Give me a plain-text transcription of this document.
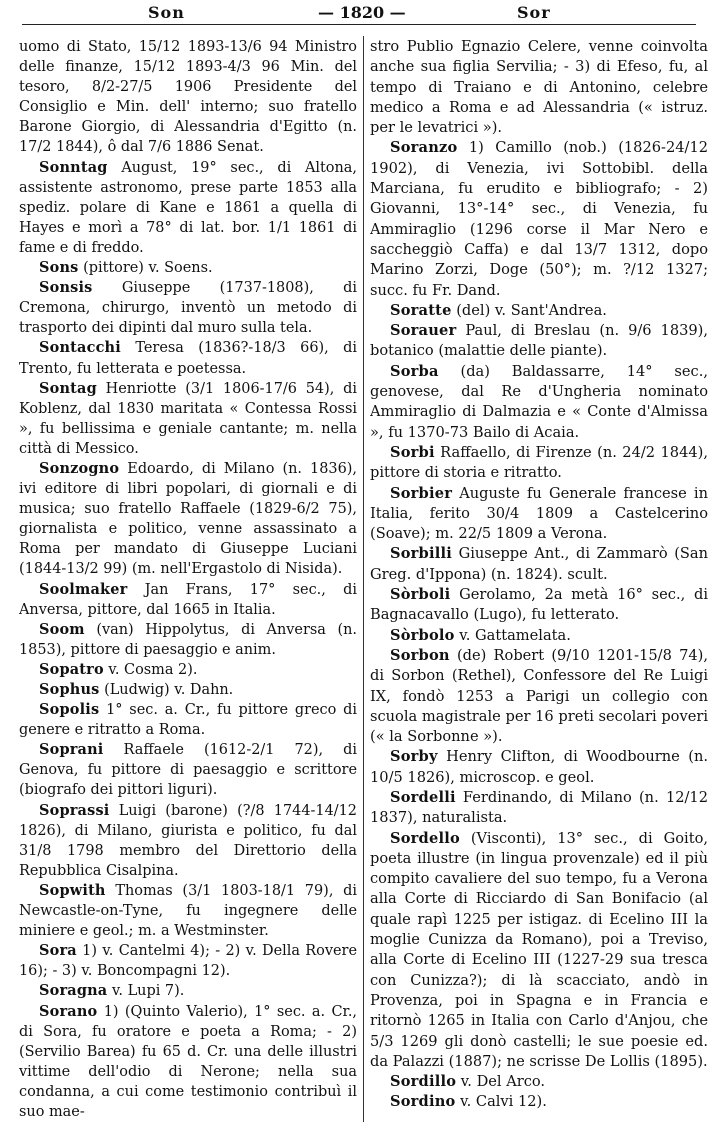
Son	— 1820 —	Sor

uomo di Stato, 15/12 1893-13/6 94 Ministro delle finanze, 15/12 1893-4/3 96 Min. del tesoro, 8/2-27/5 1906 Presidente del Consiglio e Min. dell' interno; suo fratello Barone Giorgio, di Alessandria d'Egitto (n. 17/2 1844), ô dal 7/6 1886 Senat.

Sonntag August, 19° sec., di Altona, assistente astronomo, prese parte 1853 alla spediz. polare di Kane e 1861 a quella di Hayes e morì a 78° di lat. bor. 1/1 1861 di fame e di freddo.

Sons (pittore) v. Soens.

Sonsis Giuseppe (1737-1808), di Cremona, chirurgo, inventò un metodo di trasporto dei dipinti dal muro sulla tela.

Sontacchi Teresa (1836?-18/3 66), di Trento, fu letterata e poetessa.

Sontag Henriotte (3/1 1806-17/6 54), di Koblenz, dal 1830 maritata « Contessa Rossi », fu bellissima e geniale cantante; m. nella città di Messico.

Sonzogno Edoardo, di Milano (n. 1836), ivi editore di libri popolari, di giornali e di musica; suo fratello Raffaele (1829-6/2 75), giornalista e politico, venne assassinato a Roma per mandato di Giuseppe Luciani (1844-13/2 99) (m. nell'Ergastolo di Nisida).

Soolmaker Jan Frans, 17° sec., di Anversa, pittore, dal 1665 in Italia.

Soom (van) Hippolytus, di Anversa (n. 1853), pittore di paesaggio e anim.

Sopatro v. Cosma 2).

Sophus (Ludwig) v. Dahn.

Sopolis 1° sec. a. Cr., fu pittore greco di genere e ritratto a Roma.

Soprani Raffaele (1612-2/1 72), di Genova, fu pittore di paesaggio e scrittore (biografo dei pittori liguri).

Soprassi Luigi (barone) (?/8 1744-14/12 1826), di Milano, giurista e politico, fu dal 31/8 1798 membro del Direttorio della Repubblica Cisalpina.

Sopwith Thomas (3/1 1803-18/1 79), di Newcastle-on-Tyne, fu ingegnere delle miniere e geol.; m. a Westminster.

Sora 1) v. Cantelmi 4); - 2) v. Della Rovere 16); - 3) v. Boncompagni 12).

Soragna v. Lupi 7).

Sorano 1) (Quinto Valerio), 1° sec. a. Cr., di Sora, fu oratore e poeta a Roma; - 2) (Servilio Barea) fu 65 d. Cr. una delle illustri vittime dell'odio di Nerone; nella sua condanna, a cui come testimonio contribuì il suo mae-

stro Publio Egnazio Celere, venne coinvolta anche sua figlia Servilia; - 3) di Efeso, fu, al tempo di Traiano e di Antonino, celebre medico a Roma e ad Alessandria (« istruz. per le levatrici »).

Soranzo 1) Camillo (nob.) (1826-24/12 1902), di Venezia, ivi Sottobibl. della Marciana, fu erudito e bibliografo; - 2) Giovanni, 13°-14° sec., di Venezia, fu Ammiraglio (1296 corse il Mar Nero e saccheggiò Caffa) e dal 13/7 1312, dopo Marino Zorzi, Doge (50°); m. ?/12 1327; succ. fu Fr. Dand.

Soratte (del) v. Sant'Andrea.

Sorauer Paul, di Breslau (n. 9/6 1839), botanico (malattie delle piante).

Sorba (da) Baldassarre, 14° sec., genovese, dal Re d'Ungheria nominato Ammiraglio di Dalmazia e « Conte d'Almissa », fu 1370-73 Bailo di Acaia.

Sorbi Raffaello, di Firenze (n. 24/2 1844), pittore di storia e ritratto.

Sorbier Auguste fu Generale francese in Italia, ferito 30/4 1809 a Castelcerino (Soave); m. 22/5 1809 a Verona.

Sorbilli Giuseppe Ant., di Zammarò (San Greg. d'Ippona) (n. 1824). scult.

Sòrboli Gerolamo, 2a metà 16° sec., di Bagnacavallo (Lugo), fu letterato.

Sòrbolo v. Gattamelata.

Sorbon (de) Robert (9/10 1201-15/8 74), di Sorbon (Rethel), Confessore del Re Luigi IX, fondò 1253 a Parigi un collegio con scuola magistrale per 16 preti secolari poveri (« la Sorbonne »).

Sorby Henry Clifton, di Woodbourne (n. 10/5 1826), microscop. e geol.

Sordelli Ferdinando, di Milano (n. 12/12 1837), naturalista.

Sordello (Visconti), 13° sec., di Goito, poeta illustre (in lingua provenzale) ed il più compito cavaliere del suo tempo, fu a Verona alla Corte di Ricciardo di San Bonifacio (al quale rapì 1225 per istigaz. di Ecelino III la moglie Cunizza da Romano), poi a Treviso, alla Corte di Ecelino III (1227-29 sua tresca con Cunizza?); di là scacciato, andò in Provenza, poi in Spagna e in Francia e ritornò 1265 in Italia con Carlo d'Anjou, che 5/3 1269 gli donò castelli; le sue poesie ed. da Palazzi (1887); ne scrisse De Lollis (1895).

Sordillo v. Del Arco.

Sordino v. Calvi 12).
